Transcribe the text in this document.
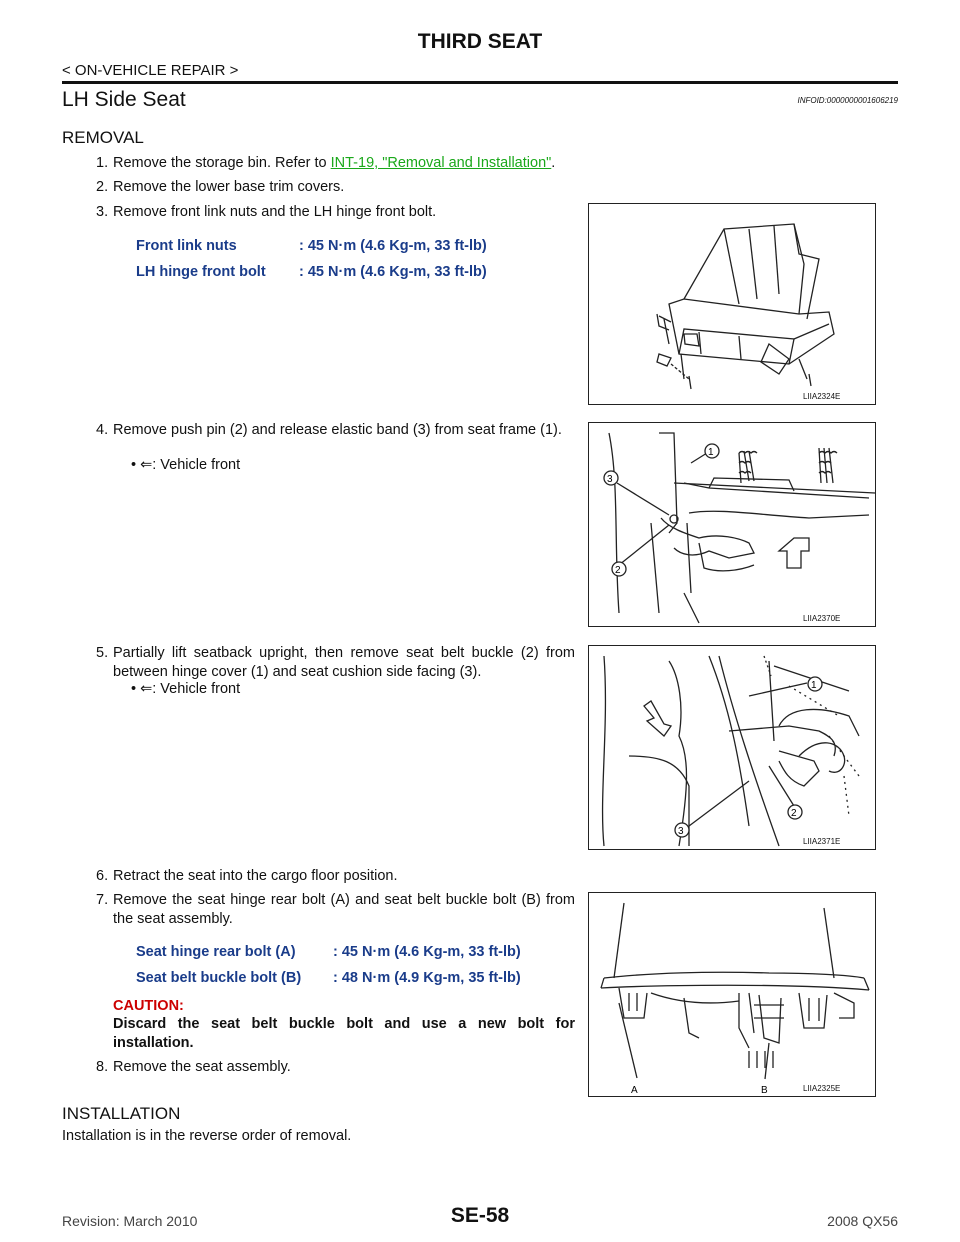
THIRD SEAT
< ON-VEHICLE REPAIR >
LH Side Seat	INFOID:0000000001606219
REMOVAL
1. Remove the storage bin. Refer to INT-19, "Removal and Installation".
2. Remove the lower base trim covers.
3. Remove front link nuts and the LH hinge front bolt.
Front link nuts	: 45 N·m (4.6 Kg-m, 33 ft-lb)
LH hinge front bolt : 45 N·m (4.6 Kg-m, 33 ft-lb)
LIIA2324E
4. Remove push pin (2) and release elastic band (3) from seat frame (1).
• ⇐: Vehicle front
1
3
2
LIIA2370E
5. Partially lift seatback upright, then remove seat belt buckle (2) from between hinge cover (1) and seat cushion side facing (3).
• ⇐: Vehicle front	1
3
2
LIIA2371E
6. Retract the seat into the cargo floor position.
7. Remove the seat hinge rear bolt (A) and seat belt buckle bolt (B) from the seat assembly.
Seat hinge rear bolt (A)	: 45 N·m (4.6 Kg-m, 33 ft-lb)
Seat belt buckle bolt (B) : 48 N·m (4.9 Kg-m, 35 ft-lb)
CAUTION:
Discard the seat belt buckle bolt and use a new bolt for installation.
8. Remove the seat assembly.
A	B	LIIA2325E
INSTALLATION
Installation is in the reverse order of removal.
Revision: March 2010	SE-58	2008 QX56
